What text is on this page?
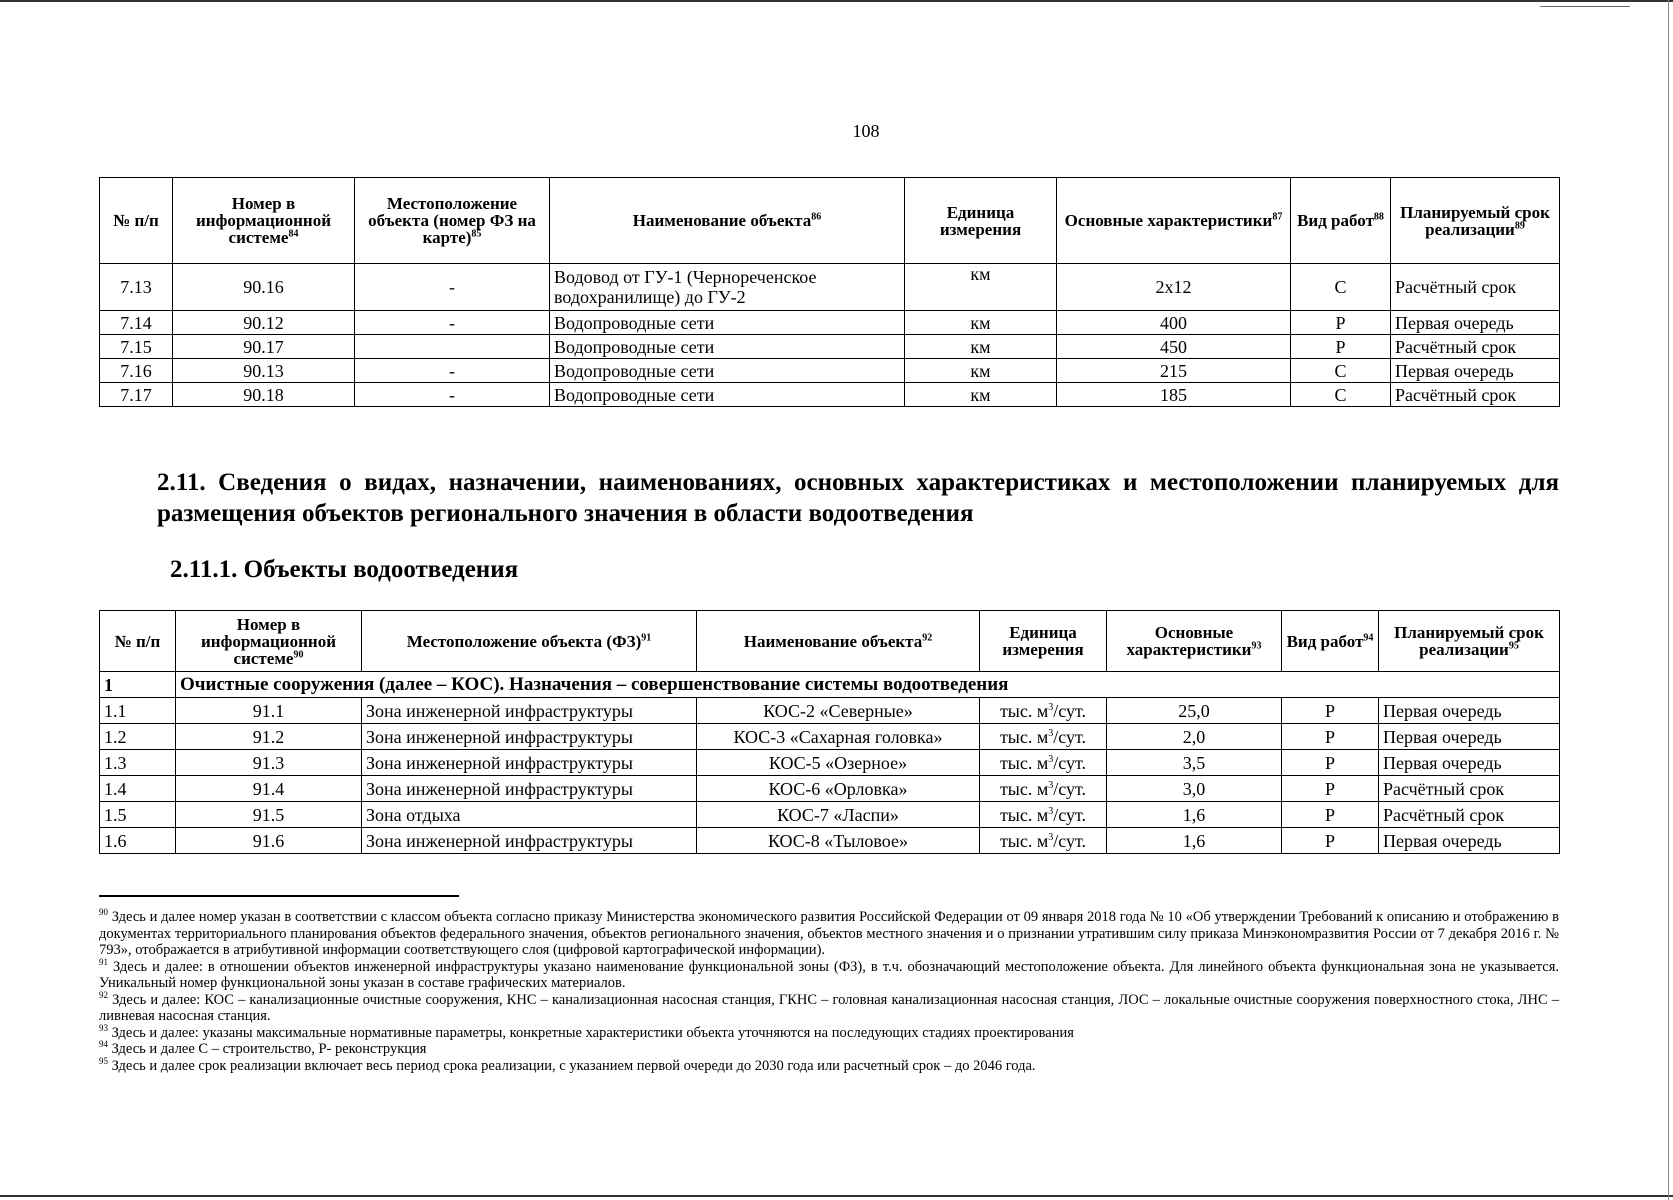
108
№ п/п	Номер в информационной системе$^{84}$	Местоположение объекта (номер ФЗ на карте)$^{85}$	Наименование объекта$^{86}$	Единица измерения	Основные характеристики$^{87}$	Вид работ$^{88}$	Планируемый срок реализации$^{89}$
7.13	90.16	-	Водовод от ГУ-1 (Чернореченское водохранилище) до ГУ-2	км	2х12	С	Расчётный срок
7.14	90.12	-	Водопроводные сети	км	400	Р	Первая очередь
7.15	90.17		Водопроводные сети	км	450	Р	Расчётный срок
7.16	90.13	-	Водопроводные сети	км	215	С	Первая очередь
7.17	90.18	-	Водопроводные сети	км	185	С	Расчётный срок
2.11. Сведения о видах, назначении, наименованиях, основных характеристиках и местоположении планируемых для размещения объектов регионального значения в области водоотведения
2.11.1. Объекты водоотведения
№ п/п	Номер в информационной системе$^{90}$	Местоположение объекта (ФЗ)$^{91}$	Наименование объекта$^{92}$	Единица измерения	Основные характеристики$^{93}$	Вид работ$^{94}$	Планируемый срок реализации$^{95}$
1	Очистные сооружения (далее – КОС). Назначения – совершенствование системы водоотведения						
1.1	91.1	Зона инженерной инфраструктуры	КОС-2 «Северные»	тыс. $м^3$/сут.	25,0	Р	Первая очередь
1.2	91.2	Зона инженерной инфраструктуры	КОС-3 «Сахарная головка»	тыс. $м^3$/сут.	2,0	Р	Первая очередь
1.3	91.3	Зона инженерной инфраструктуры	КОС-5 «Озерное»	тыс. $м^3$/сут.	3,5	Р	Первая очередь
1.4	91.4	Зона инженерной инфраструктуры	КОС-6 «Орловка»	тыс. $м^3$/сут.	3,0	Р	Расчётный срок
1.5	91.5	Зона отдыха	КОС-7 «Ласпи»	тыс. $м^3$/сут.	1,6	Р	Расчётный срок
1.6	91.6	Зона инженерной инфраструктуры	КОС-8 «Тыловое»	тыс. $м^3$/сут.	1,6	Р	Первая очередь

$^{90}$ Здесь и далее номер указан в соответствии с классом объекта согласно приказу Министерства экономического развития Российской Федерации от 09 января 2018 года № 10 «Об утверждении Требований к описанию и отображению в документах территориального планирования объектов федерального значения, объектов регионального значения, объектов местного значения и о признании утратившим силу приказа Минэкономразвития России от 7 декабря 2016 г. № 793», отображается в атрибутивной информации соответствующего слоя (цифровой картографической информации).

$^{91}$ Здесь и далее: в отношении объектов инженерной инфраструктуры указано наименование функциональной зоны (ФЗ), в т.ч. обозначающий местоположение объекта. Для линейного объекта функциональная зона не указывается. Уникальный номер функциональной зоны указан в составе графических материалов.

$^{92}$ Здесь и далее: КОС – канализационные очистные сооружения, КНС – канализационная насосная станция, ГКНС – головная канализационная насосная станция, ЛОС – локальные очистные сооружения поверхностного стока, ЛНС – ливневая насосная станция.

$^{93}$ Здесь и далее: указаны максимальные нормативные параметры, конкретные характеристики объекта уточняются на последующих стадиях проектирования

$^{94}$ Здесь и далее С – строительство, Р- реконструкция

$^{95}$ Здесь и далее срок реализации включает весь период срока реализации, с указанием первой очереди до 2030 года или расчетный срок – до 2046 года.
